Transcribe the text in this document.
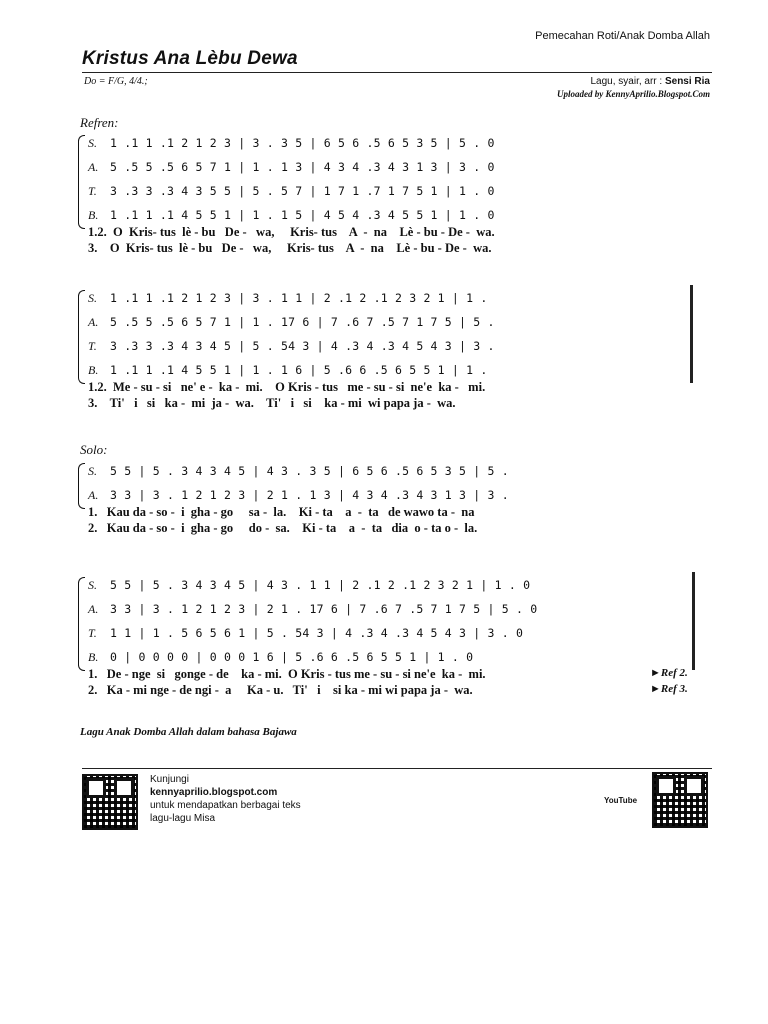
Pemecahan Roti/Anak Domba Allah
Kristus Ana Lèbu Dewa
Do = F/G, 4/4.;	Lagu, syair, arr : Sensi Ria
Uploaded by KennyAprilio.Blogspot.Com
Refren:
S.
A.
T.
B.
1 .1 1 .1 2 1 2 3 | 3 . 3 5 | 6 5 6 .5 6 5 3 5 | 5 . 0
5 .5 5 .5 6 5 7 1 | 1 . 1 3 | 4 3 4 .3 4 3 1 3 | 3 . 0
3 .3 3 .3 4 3 5 5 | 5 . 5 7 | 1 7 1 .7 1 7 5 1 | 1 . 0
1 .1 1 .1 4 5 5 1 | 1 . 1 5 | 4 5 4 .3 4 5 5 1 | 1 . 0
1.2.  O  Kris- tus  lè - bu   De -   wa,     Kris- tus    A  -  na    Lè - bu - De -  wa.
3.    O  Kris- tus  lè - bu   De -   wa,     Kris- tus    A  -  na    Lè - bu - De -  wa.
S.
A.
T.
B.
1 .1 1 .1 2 1 2 3 | 3 . 1 1 | 2 .1 2 .1 2 3 2 1 | 1 .
5 .5 5 .5 6 5 7 1 | 1 . 17 6 | 7 .6 7 .5 7 1 7 5 | 5 .
3 .3 3 .3 4 3 4 5 | 5 . 54 3 | 4 .3 4 .3 4 5 4 3 | 3 .
1 .1 1 .1 4 5 5 1 | 1 . 1 6 | 5 .6 6 .5 6 5 5 1 | 1 .
1.2.  Me - su - si   ne' e -  ka -  mi.    O Kris - tus   me - su - si  ne'e  ka -   mi.
3.    Ti'   i   si   ka -  mi  ja -  wa.    Ti'   i   si    ka - mi  wi papa ja -  wa.
Solo:
S.
A.
5 5 | 5 . 3 4 3 4 5 | 4 3 . 3 5 | 6 5 6 .5 6 5 3 5 | 5 .
3 3 | 3 . 1 2 1 2 3 | 2 1 . 1 3 | 4 3 4 .3 4 3 1 3 | 3 .
1.   Kau da - so -  i  gha - go     sa -  la.    Ki - ta    a  -  ta   de wawo ta -  na
2.   Kau da - so -  i  gha - go     do -  sa.    Ki - ta    a  -  ta   dia  o - ta o -  la.
S.
A.
T.
B.
5 5 | 5 . 3 4 3 4 5 | 4 3 . 1 1 | 2 .1 2 .1 2 3 2 1 | 1 . 0
3 3 | 3 . 1 2 1 2 3 | 2 1 . 17 6 | 7 .6 7 .5 7 1 7 5 | 5 . 0
1 1 | 1 . 5 6 5 6 1 | 5 . 54 3 | 4 .3 4 .3 4 5 4 3 | 3 . 0
0 | 0 0 0 0 | 0 0 0 1 6 | 5 .6 6 .5 6 5 5 1 | 1 . 0
1.   De - nge  si   gonge - de    ka - mi.  O Kris - tus me - su - si ne'e  ka -  mi.
2.   Ka - mi nge - de ngi -  a     Ka - u.   Ti'   i    si ka - mi wi papa ja -  wa.
►Ref 2.
►Ref 3.
Lagu Anak Domba Allah dalam bahasa Bajawa
Kunjungi
kennyaprilio.blogspot.com
untuk mendapatkan berbagai teks
lagu-lagu Misa
YouTube
